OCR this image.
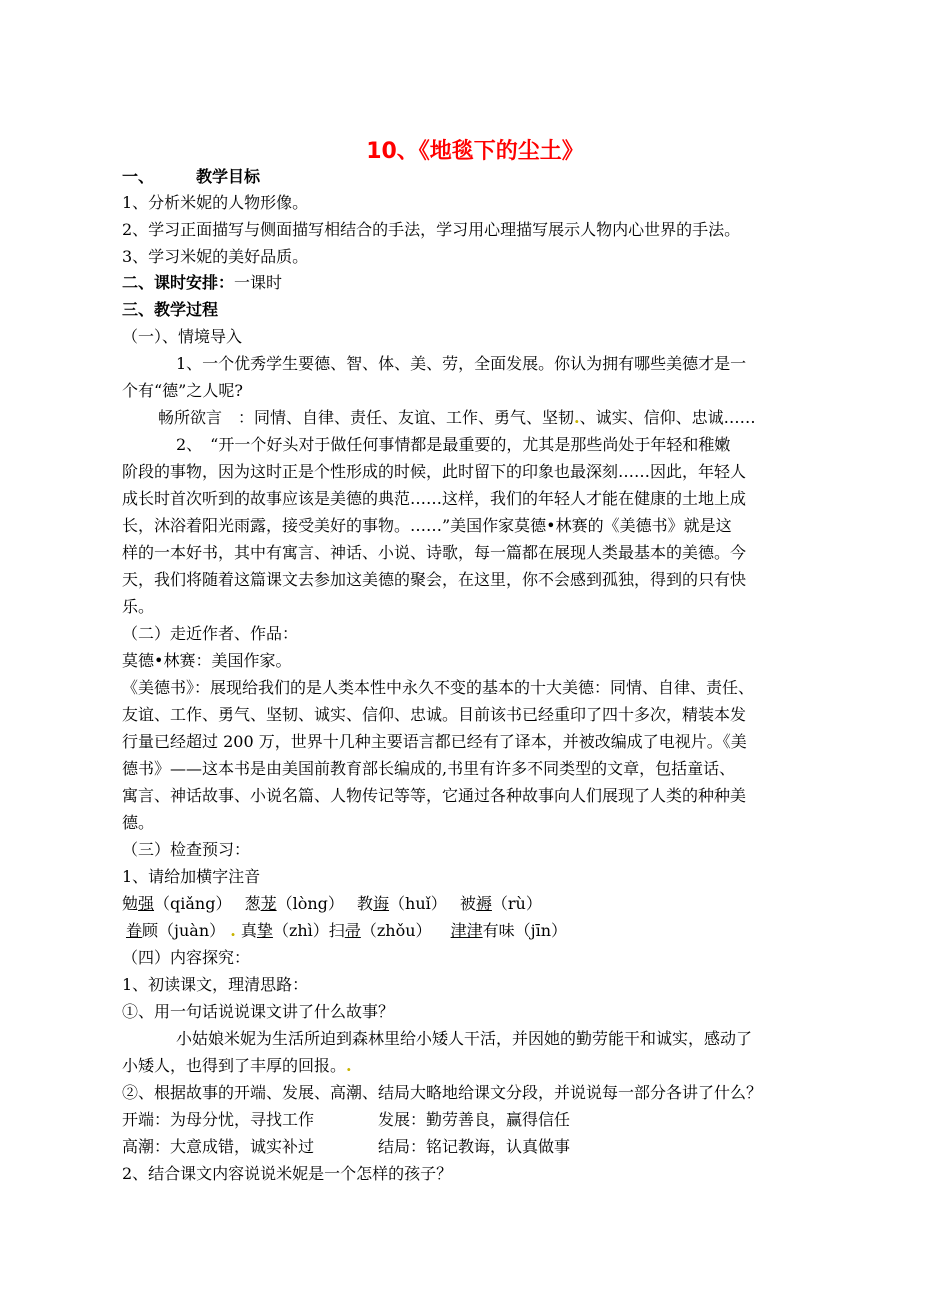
10、《地毯下的尘土》
一、	教学目标
1、分析米妮的人物形像。
2、学习正面描写与侧面描写相结合的手法，学习用心理描写展示人物内心世界的手法。
3、学习米妮的美好品质。
二、课时安排：一课时
三、教学过程
（一）、情境导入
1、一个优秀学生要德、智、体、美、劳，全面发展。你认为拥有哪些美德才是一
个有“德”之人呢?
畅所欲言　：同情、自律、责任、友谊、工作、勇气、坚韧.、诚实、信仰、忠诚……
2、　“开一个好头对于做任何事情都是最重要的，尤其是那些尚处于年轻和稚嫩
阶段的事物，因为这时正是个性形成的时候，此时留下的印象也最深刻……因此，年轻人
成长时首次听到的故事应该是美德的典范……这样，我们的年轻人才能在健康的土地上成
长，沐浴着阳光雨露，接受美好的事物。……”美国作家莫德•林赛的《美德书》就是这
样的一本好书，其中有寓言、神话、小说、诗歌，每一篇都在展现人类最基本的美德。今
天，我们将随着这篇课文去参加这美德的聚会，在这里，你不会感到孤独，得到的只有快
乐。
（二）走近作者、作品：
莫德•林赛：美国作家。
《美德书》：展现给我们的是人类本性中永久不变的基本的十大美德：同情、自律、责任、
友谊、工作、勇气、坚韧、诚实、信仰、忠诚。目前该书已经重印了四十多次，精装本发
行量已经超过 200 万，世界十几种主要语言都已经有了译本，并被改编成了电视片。《美
德书》——这本书是由美国前教育部长编成的,书里有许多不同类型的文章，包括童话、
寓言、神话故事、小说名篇、人物传记等等，它通过各种故事向人们展现了人类的种种美
德。
（三）检查预习：
1、请给加横字注音
勉强（qiǎng）　 葱茏（lòng）　 教诲（huǐ）　 被褥（rù）
眷顾（juàn） . 真挚（zhì）扫帚（zhǒu） 津津有味（jīn）
（四）内容探究：
1、初读课文，理清思路：
①、用一句话说说课文讲了什么故事？
小姑娘米妮为生活所迫到森林里给小矮人干活，并因她的勤劳能干和诚实，感动了
小矮人，也得到了丰厚的回报。.
②、根据故事的开端、发展、高潮、结局大略地给课文分段，并说说每一部分各讲了什么？
开端：为母分忧，寻找工作	发展：勤劳善良，赢得信任
高潮：大意成错，诚实补过	结局：铭记教诲，认真做事
2、结合课文内容说说米妮是一个怎样的孩子？
